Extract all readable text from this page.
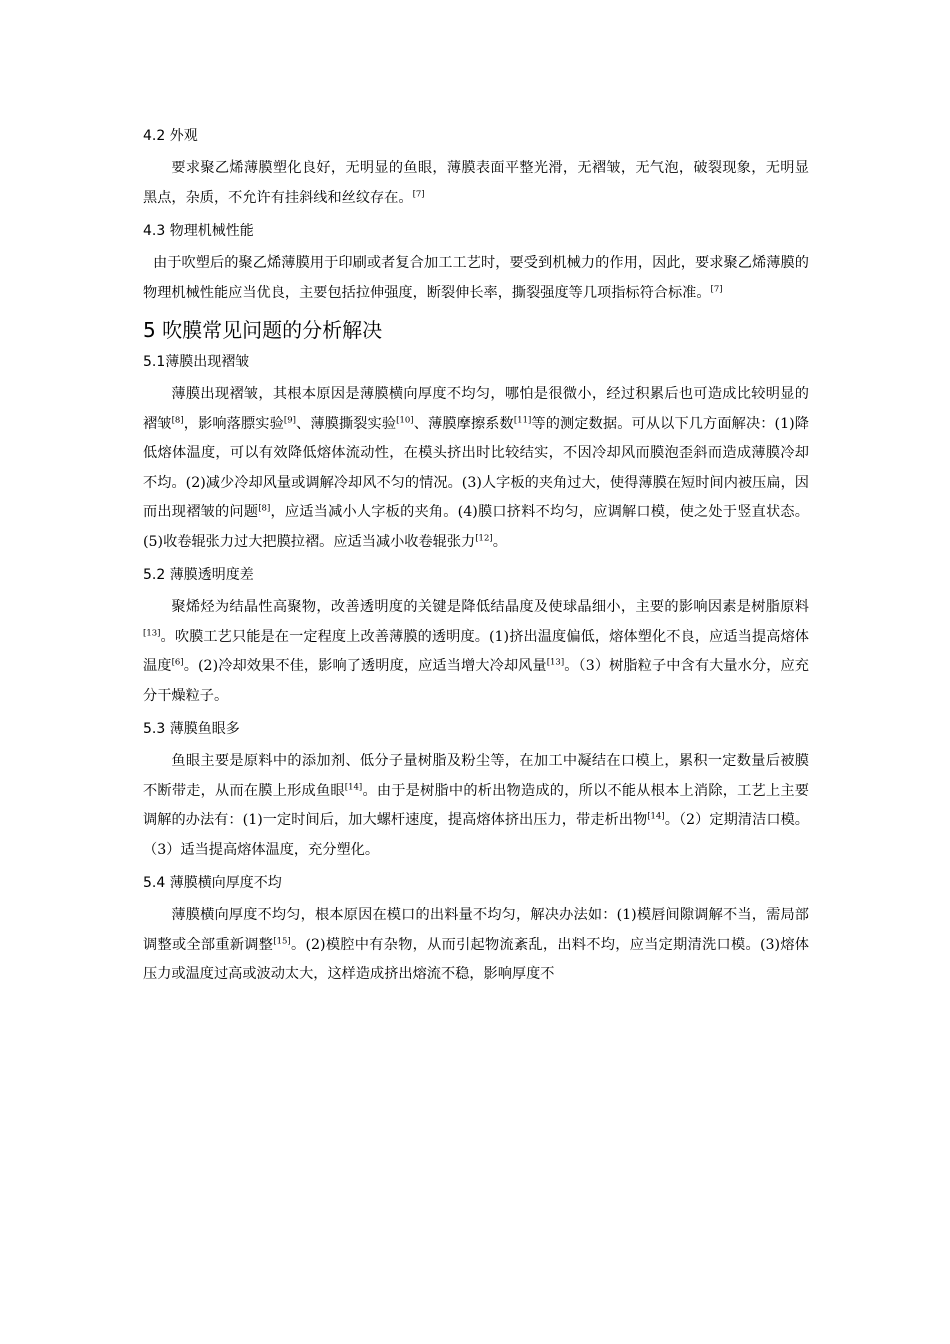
4.2 外观

要求聚乙烯薄膜塑化良好，无明显的鱼眼，薄膜表面平整光滑，无褶皱，无气泡，破裂现象，无明显黑点，杂质，不允许有挂斜线和丝纹存在。[7]

4.3 物理机械性能

由于吹塑后的聚乙烯薄膜用于印刷或者复合加工工艺时，要受到机械力的作用，因此，要求聚乙烯薄膜的物理机械性能应当优良，主要包括拉伸强度，断裂伸长率，撕裂强度等几项指标符合标准。[7]

5 吹膜常见问题的分析解决
5.1薄膜出现褶皱

薄膜出现褶皱，其根本原因是薄膜横向厚度不均匀，哪怕是很微小，经过积累后也可造成比较明显的褶皱[8]，影响落膘实验[9]、薄膜撕裂实验[10]、薄膜摩擦系数[11]等的测定数据。可从以下几方面解决：(1)降低熔体温度，可以有效降低熔体流动性，在模头挤出时比较结实，不因冷却风而膜泡歪斜而造成薄膜冷却不均。(2)减少冷却风量或调解冷却风不匀的情况。(3)人字板的夹角过大，使得薄膜在短时间内被压扁，因而出现褶皱的问题[8]，应适当减小人字板的夹角。(4)膜口挤料不均匀，应调解口模，使之处于竖直状态。(5)收卷辊张力过大把膜拉褶。应适当减小收卷辊张力[12]。

5.2 薄膜透明度差

聚烯烃为结晶性高聚物，改善透明度的关键是降低结晶度及使球晶细小，主要的影响因素是树脂原料[13]。吹膜工艺只能是在一定程度上改善薄膜的透明度。(1)挤出温度偏低，熔体塑化不良，应适当提高熔体温度[6]。(2)冷却效果不佳，影响了透明度，应适当增大冷却风量[13]。（3）树脂粒子中含有大量水分，应充分干燥粒子。

5.3 薄膜鱼眼多

鱼眼主要是原料中的添加剂、低分子量树脂及粉尘等，在加工中凝结在口模上，累积一定数量后被膜不断带走，从而在膜上形成鱼眼[14]。由于是树脂中的析出物造成的，所以不能从根本上消除，工艺上主要调解的办法有：(1)一定时间后，加大螺杆速度，提高熔体挤出压力，带走析出物[14]。（2）定期清洁口模。（3）适当提高熔体温度，充分塑化。

5.4 薄膜横向厚度不均

薄膜横向厚度不均匀，根本原因在模口的出料量不均匀，解决办法如：(1)模唇间隙调解不当，需局部调整或全部重新调整[15]。(2)模腔中有杂物，从而引起物流紊乱，出料不均，应当定期清洗口模。(3)熔体压力或温度过高或波动太大，这样造成挤出熔流不稳，影响厚度不
